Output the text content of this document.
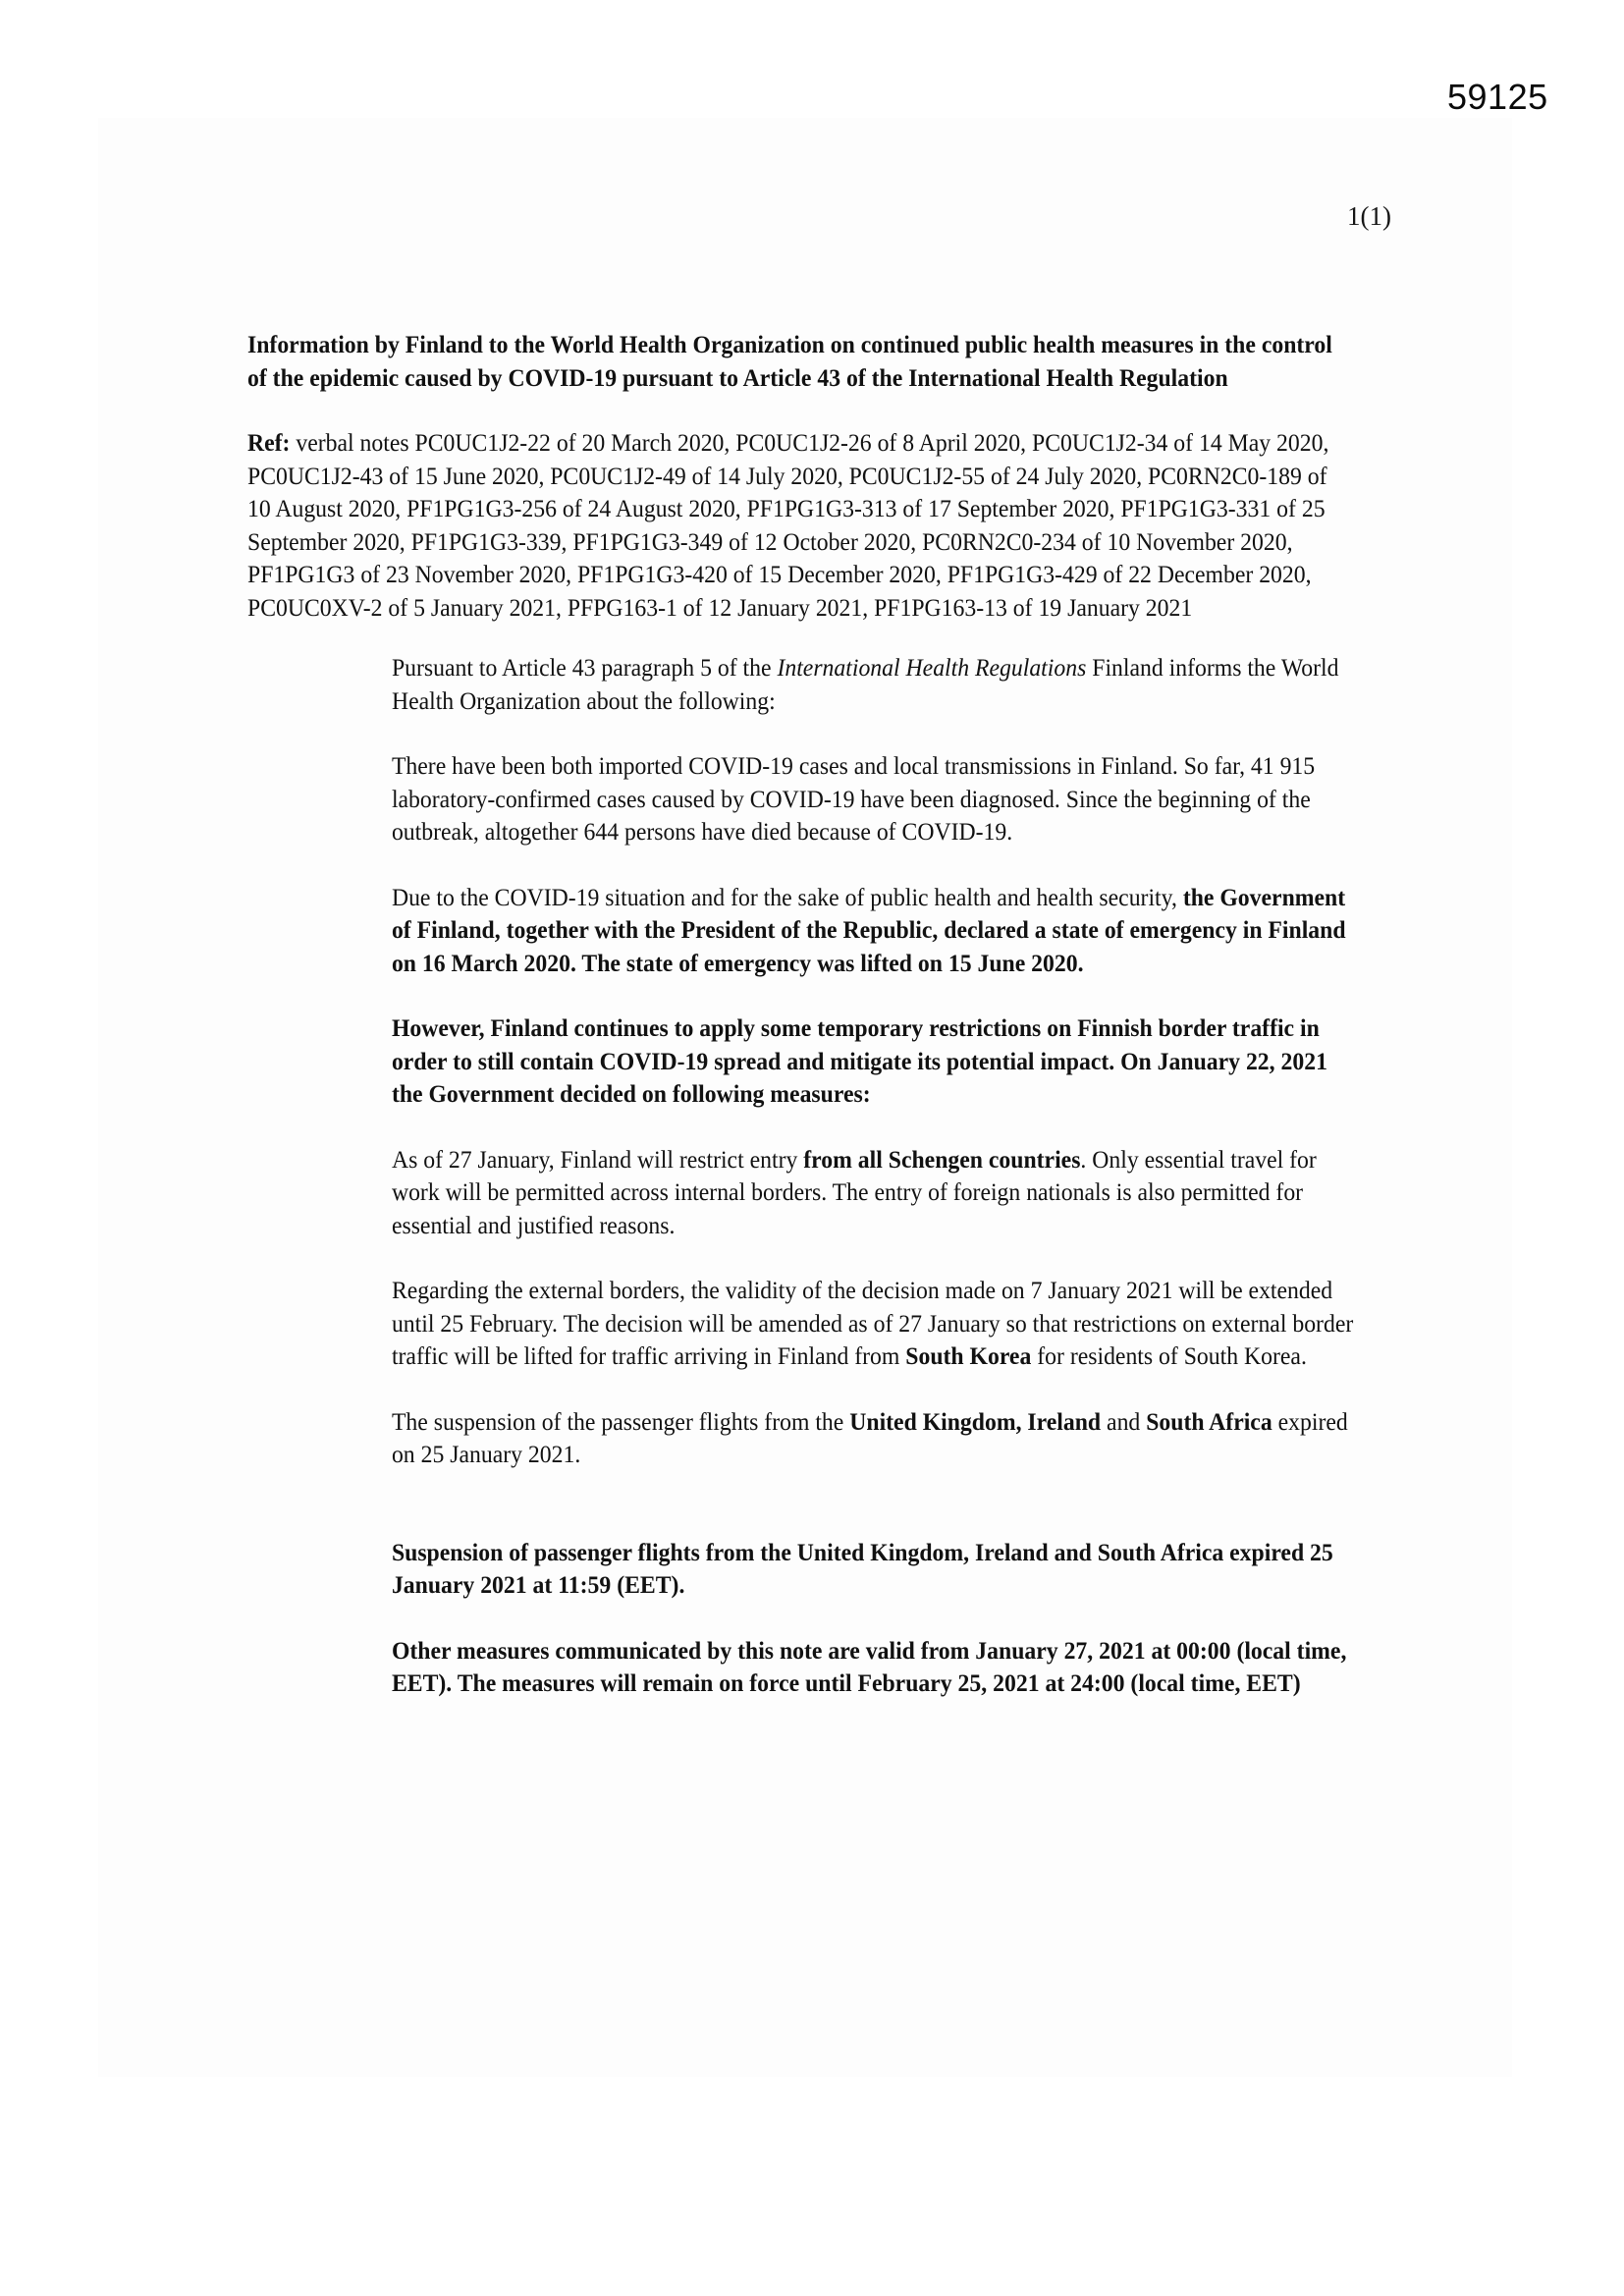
59125
1(1)

Information by Finland to the World Health Organization on continued public health measures in the control of the epidemic caused by COVID-19 pursuant to Article 43 of the International Health Regulation

Ref: verbal notes PC0UC1J2-22 of 20 March 2020, PC0UC1J2-26 of 8 April 2020, PC0UC1J2-34 of 14 May 2020, PC0UC1J2-43 of 15 June 2020, PC0UC1J2-49 of 14 July 2020, PC0UC1J2-55 of 24 July 2020, PC0RN2C0-189 of 10 August 2020, PF1PG1G3-256 of 24 August 2020, PF1PG1G3-313 of 17 September 2020, PF1PG1G3-331 of 25 September 2020, PF1PG1G3-339, PF1PG1G3-349 of 12 October 2020, PC0RN2C0-234 of 10 November 2020, PF1PG1G3 of 23 November 2020, PF1PG1G3-420 of 15 December 2020, PF1PG1G3-429 of 22 December 2020, PC0UC0XV-2 of 5 January 2021, PFPG163-1 of 12 January 2021, PF1PG163-13 of 19 January 2021

Pursuant to Article 43 paragraph 5 of the International Health Regulations Finland informs the World Health Organization about the following:

There have been both imported COVID-19 cases and local transmissions in Finland. So far, 41 915 laboratory-confirmed cases caused by COVID-19 have been diagnosed. Since the beginning of the outbreak, altogether 644 persons have died because of COVID-19.

Due to the COVID-19 situation and for the sake of public health and health security, the Government of Finland, together with the President of the Republic, declared a state of emergency in Finland on 16 March 2020. The state of emergency was lifted on 15 June 2020.

However, Finland continues to apply some temporary restrictions on Finnish border traffic in order to still contain COVID-19 spread and mitigate its potential impact. On January 22, 2021 the Government decided on following measures:

As of 27 January, Finland will restrict entry from all Schengen countries. Only essential travel for work will be permitted across internal borders. The entry of foreign nationals is also permitted for essential and justified reasons.

Regarding the external borders, the validity of the decision made on 7 January 2021 will be extended until 25 February. The decision will be amended as of 27 January so that restrictions on external border traffic will be lifted for traffic arriving in Finland from South Korea for residents of South Korea.

The suspension of the passenger flights from the United Kingdom, Ireland and South Africa expired on 25 January 2021.

Suspension of passenger flights from the United Kingdom, Ireland and South Africa expired 25 January 2021 at 11:59 (EET).

Other measures communicated by this note are valid from January 27, 2021 at 00:00 (local time, EET). The measures will remain on force until February 25, 2021 at 24:00 (local time, EET)
